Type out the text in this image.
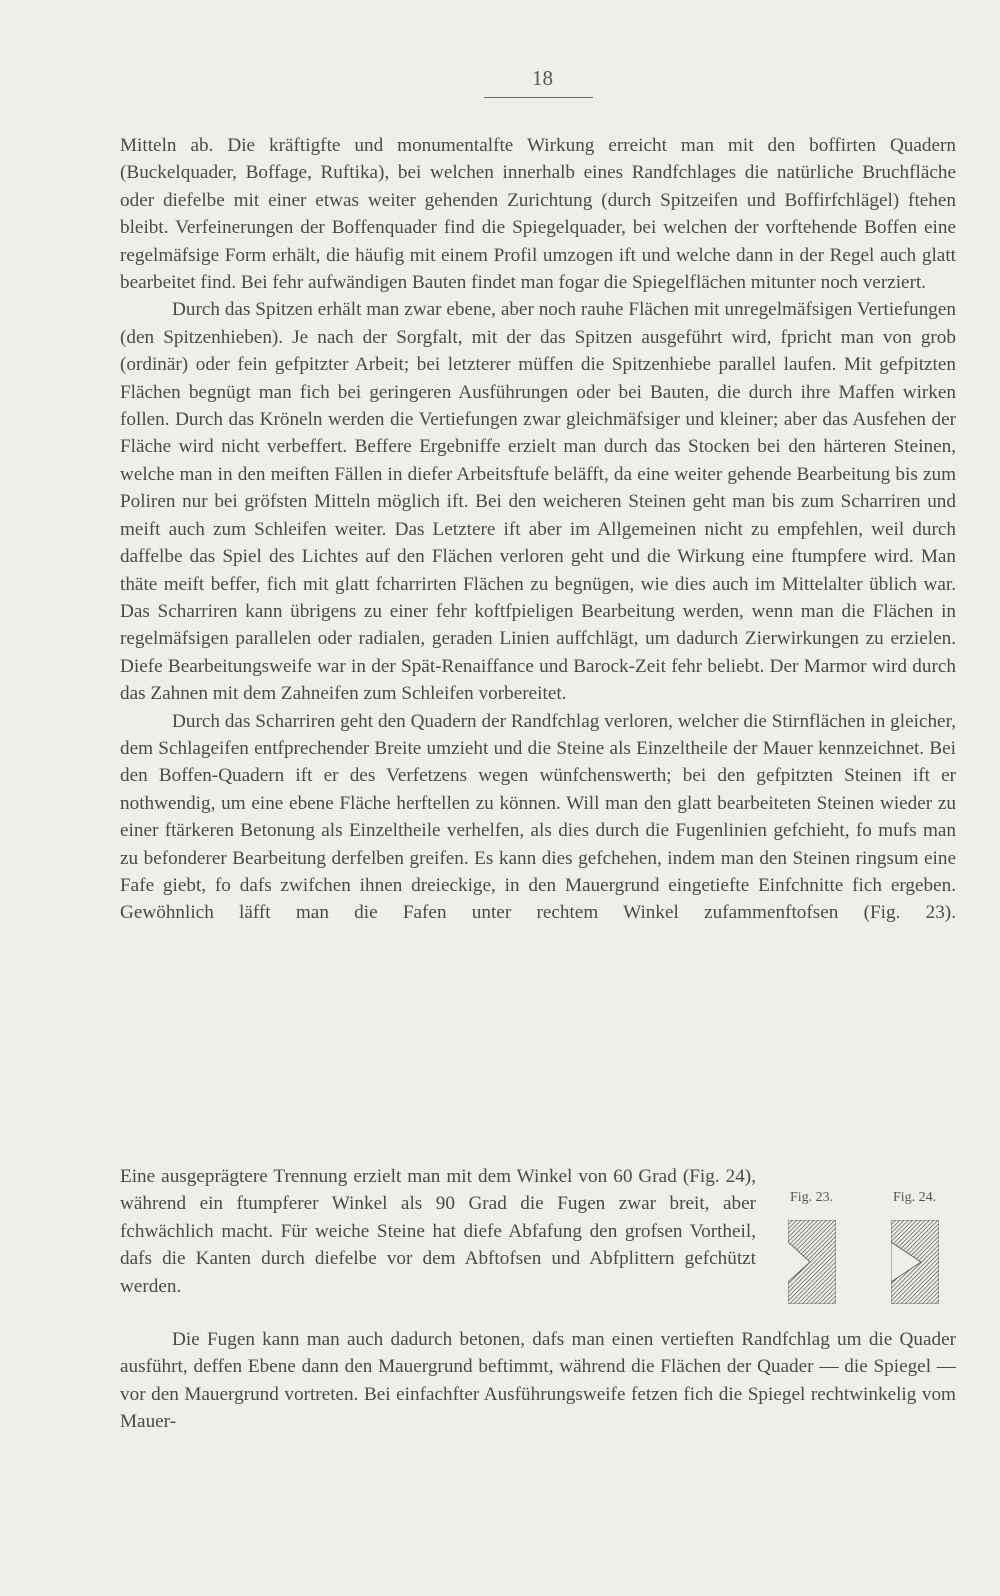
18

Mitteln ab. Die kräftigfte und monumentalfte Wirkung erreicht man mit den boffirten Quadern (Buckelquader, Boffage, Ruftika), bei welchen innerhalb eines Randfchlages die natürliche Bruchfläche oder diefelbe mit einer etwas weiter gehenden Zurichtung (durch Spitzeifen und Boffirfchlägel) ftehen bleibt. Verfeinerungen der Boffenquader find die Spiegelquader, bei welchen der vorftehende Boffen eine regelmäfsige Form erhält, die häufig mit einem Profil umzogen ift und welche dann in der Regel auch glatt bearbeitet find. Bei fehr aufwändigen Bauten findet man fogar die Spiegelflächen mitunter noch verziert.

Durch das Spitzen erhält man zwar ebene, aber noch rauhe Flächen mit unregelmäfsigen Vertiefungen (den Spitzenhieben). Je nach der Sorgfalt, mit der das Spitzen ausgeführt wird, fpricht man von grob (ordinär) oder fein gefpitzter Arbeit; bei letzterer müffen die Spitzenhiebe parallel laufen. Mit gefpitzten Flächen begnügt man fich bei geringeren Ausführungen oder bei Bauten, die durch ihre Maffen wirken follen. Durch das Kröneln werden die Vertiefungen zwar gleichmäfsiger und kleiner; aber das Ausfehen der Fläche wird nicht verbeffert. Beffere Ergebniffe erzielt man durch das Stocken bei den härteren Steinen, welche man in den meiften Fällen in diefer Arbeitsftufe beläfft, da eine weiter gehende Bearbeitung bis zum Poliren nur bei gröfsten Mitteln möglich ift. Bei den weicheren Steinen geht man bis zum Scharriren und meift auch zum Schleifen weiter. Das Letztere ift aber im Allgemeinen nicht zu empfehlen, weil durch daffelbe das Spiel des Lichtes auf den Flächen verloren geht und die Wirkung eine ftumpfere wird. Man thäte meift beffer, fich mit glatt fcharrirten Flächen zu begnügen, wie dies auch im Mittelalter üblich war. Das Scharriren kann übrigens zu einer fehr koftfpieligen Bearbeitung werden, wenn man die Flächen in regelmäfsigen parallelen oder radialen, geraden Linien auffchlägt, um dadurch Zierwirkungen zu erzielen. Diefe Bearbeitungsweife war in der Spät-Renaiffance und Barock-Zeit fehr beliebt. Der Marmor wird durch das Zahnen mit dem Zahneifen zum Schleifen vorbereitet.

Durch das Scharriren geht den Quadern der Randfchlag verloren, welcher die Stirnflächen in gleicher, dem Schlageifen entfprechender Breite umzieht und die Steine als Einzeltheile der Mauer kennzeichnet. Bei den Boffen-Quadern ift er des Verfetzens wegen wünfchenswerth; bei den gefpitzten Steinen ift er nothwendig, um eine ebene Fläche herftellen zu können. Will man den glatt bearbeiteten Steinen wieder zu einer ftärkeren Betonung als Einzeltheile verhelfen, als dies durch die Fugenlinien gefchieht, fo mufs man zu befonderer Bearbeitung derfelben greifen. Es kann dies gefchehen, indem man den Steinen ringsum eine Fafe giebt, fo dafs zwifchen ihnen dreieckige, in den Mauergrund eingetiefte Einfchnitte fich ergeben. Gewöhnlich läfft man die Fafen unter rechtem Winkel zufammenftofsen (Fig. 23).

Eine ausgeprägtere Trennung erzielt man mit dem Winkel von 60 Grad (Fig. 24), während ein ftumpferer Winkel als 90 Grad die Fugen zwar breit, aber fchwächlich macht. Für weiche Steine hat diefe Abfafung den grofsen Vortheil, dafs die Kanten durch diefelbe vor dem Abftofsen und Abfplittern gefchützt werden.

Fig. 23.	Fig. 24.

Die Fugen kann man auch dadurch betonen, dafs man einen vertieften Randfchlag um die Quader ausführt, deffen Ebene dann den Mauergrund beftimmt, während die Flächen der Quader — die Spiegel — vor den Mauergrund vortreten. Bei einfachfter Ausführungsweife fetzen fich die Spiegel rechtwinkelig vom Mauer-
